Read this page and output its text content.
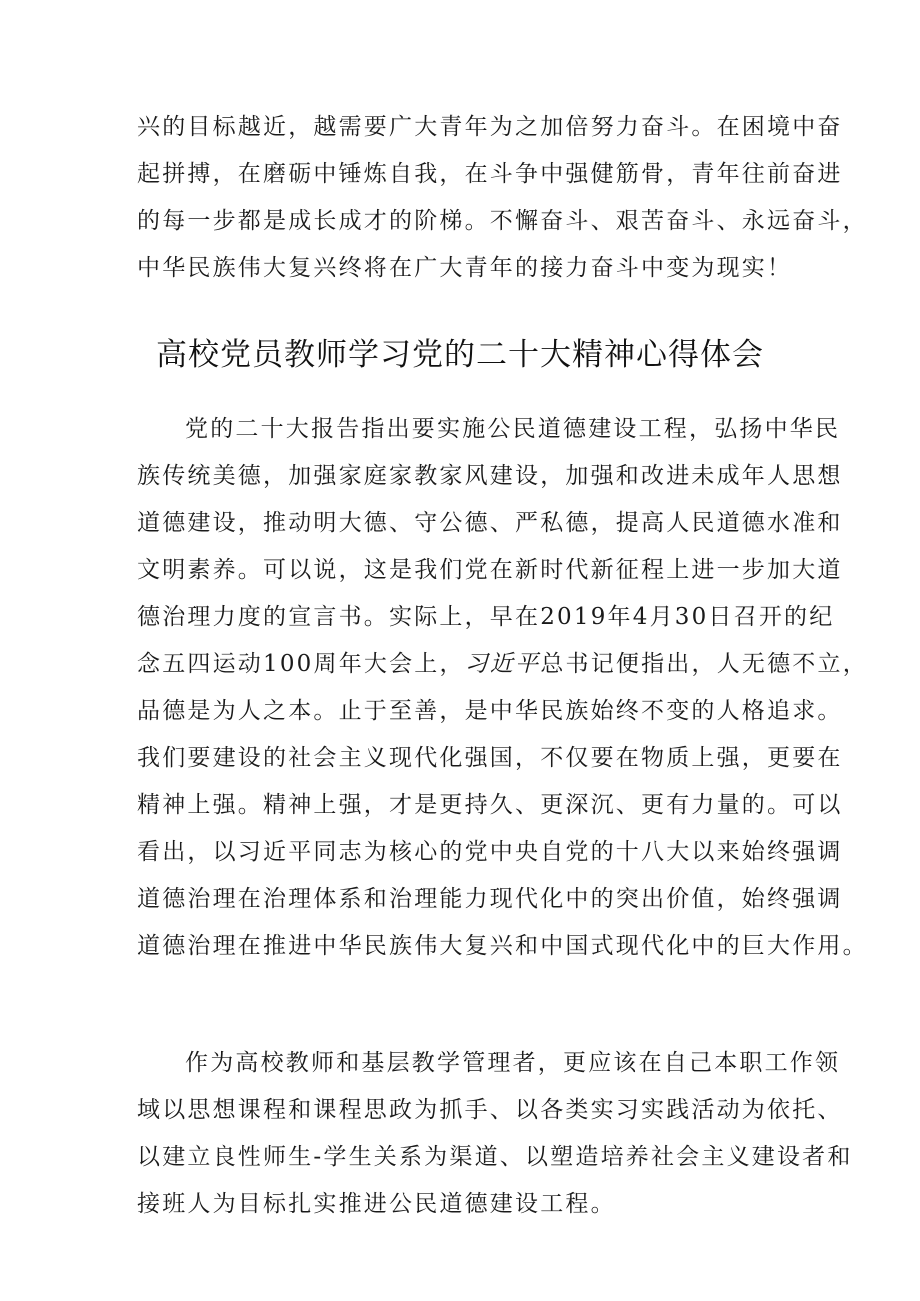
兴的目标越近，越需要广大青年为之加倍努力奋斗。在困境中奋
起拼搏，在磨砺中锤炼自我，在斗争中强健筋骨，青年往前奋进
的每一步都是成长成才的阶梯。不懈奋斗、艰苦奋斗、永远奋斗，
中华民族伟大复兴终将在广大青年的接力奋斗中变为现实！
高校党员教师学习党的二十大精神心得体会
党的二十大报告指出要实施公民道德建设工程，弘扬中华民
族传统美德，加强家庭家教家风建设，加强和改进未成年人思想
道德建设，推动明大德、守公德、严私德，提高人民道德水准和
文明素养。可以说，这是我们党在新时代新征程上进一步加大道
德治理力度的宣言书。实际上，早在2019年4月30日召开的纪
念五四运动100周年大会上，习近平总书记便指出，人无德不立，
品德是为人之本。止于至善，是中华民族始终不变的人格追求。
我们要建设的社会主义现代化强国，不仅要在物质上强，更要在
精神上强。精神上强，才是更持久、更深沉、更有力量的。可以
看出，以习近平同志为核心的党中央自党的十八大以来始终强调
道德治理在治理体系和治理能力现代化中的突出价值，始终强调
道德治理在推进中华民族伟大复兴和中国式现代化中的巨大作用。
作为高校教师和基层教学管理者，更应该在自己本职工作领
域以思想课程和课程思政为抓手、以各类实习实践活动为依托、
以建立良性师生-学生关系为渠道、以塑造培养社会主义建设者和
接班人为目标扎实推进公民道德建设工程。
